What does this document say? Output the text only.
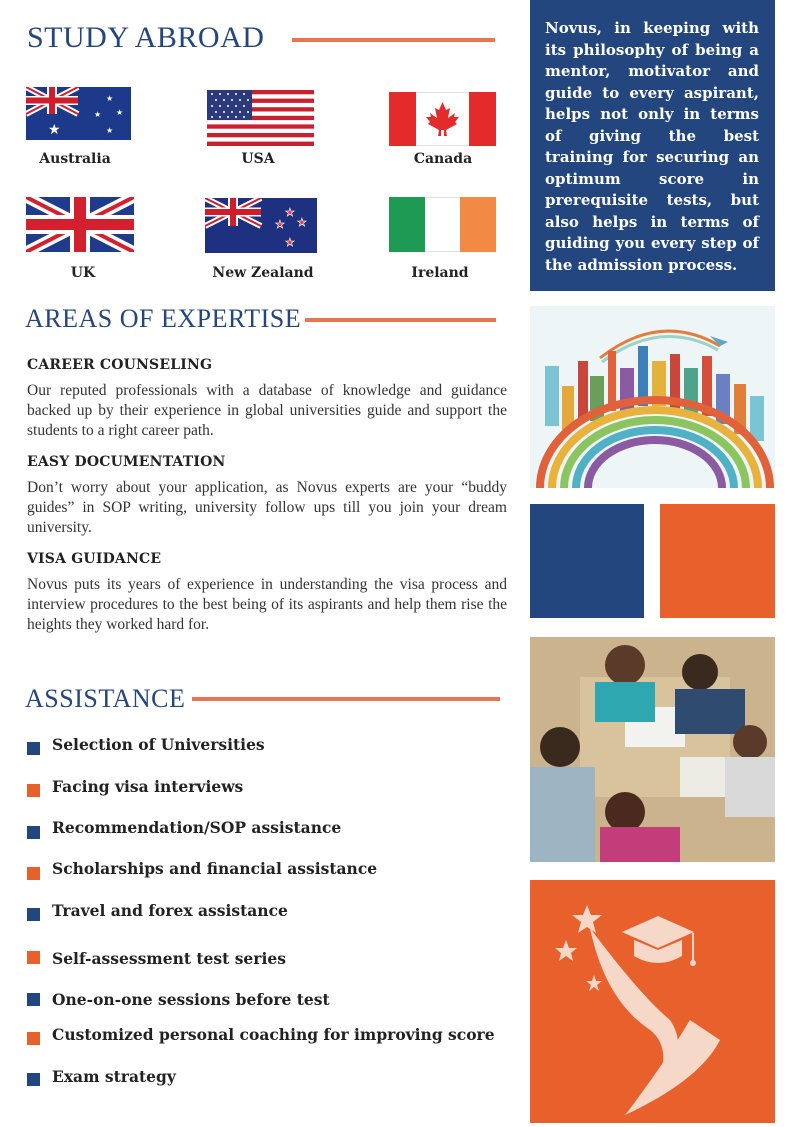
STUDY ABROAD
★
★
★ ★
★
Australia	USA	Canada
UK
★
★ ★
★
New Zealand	Ireland
Novus, in keeping with its philosophy of being a mentor, motivator and guide to every aspirant, helps not only in terms of giving the best training for securing an optimum score in prerequisite tests, but also helps in terms of guiding you every step of the admission process.
AREAS OF EXPERTISE
CAREER COUNSELING
Our reputed professionals with a database of knowledge and guidance backed up by their experience in global universities guide and support the students to a right career path.
EASY DOCUMENTATION
Don’t worry about your application, as Novus experts are your “buddy guides” in SOP writing, university follow ups till you join your dream university.
VISA GUIDANCE
Novus puts its years of experience in understanding the visa process and interview procedures to the best being of its aspirants and help them rise the heights they worked hard for.
ASSISTANCE
Selection of Universities
Facing visa interviews
Recommendation/SOP assistance
Scholarships and financial assistance
Travel and forex assistance
Self-assessment test series
One-on-one sessions before test
Customized personal coaching for improving score
Exam strategy
